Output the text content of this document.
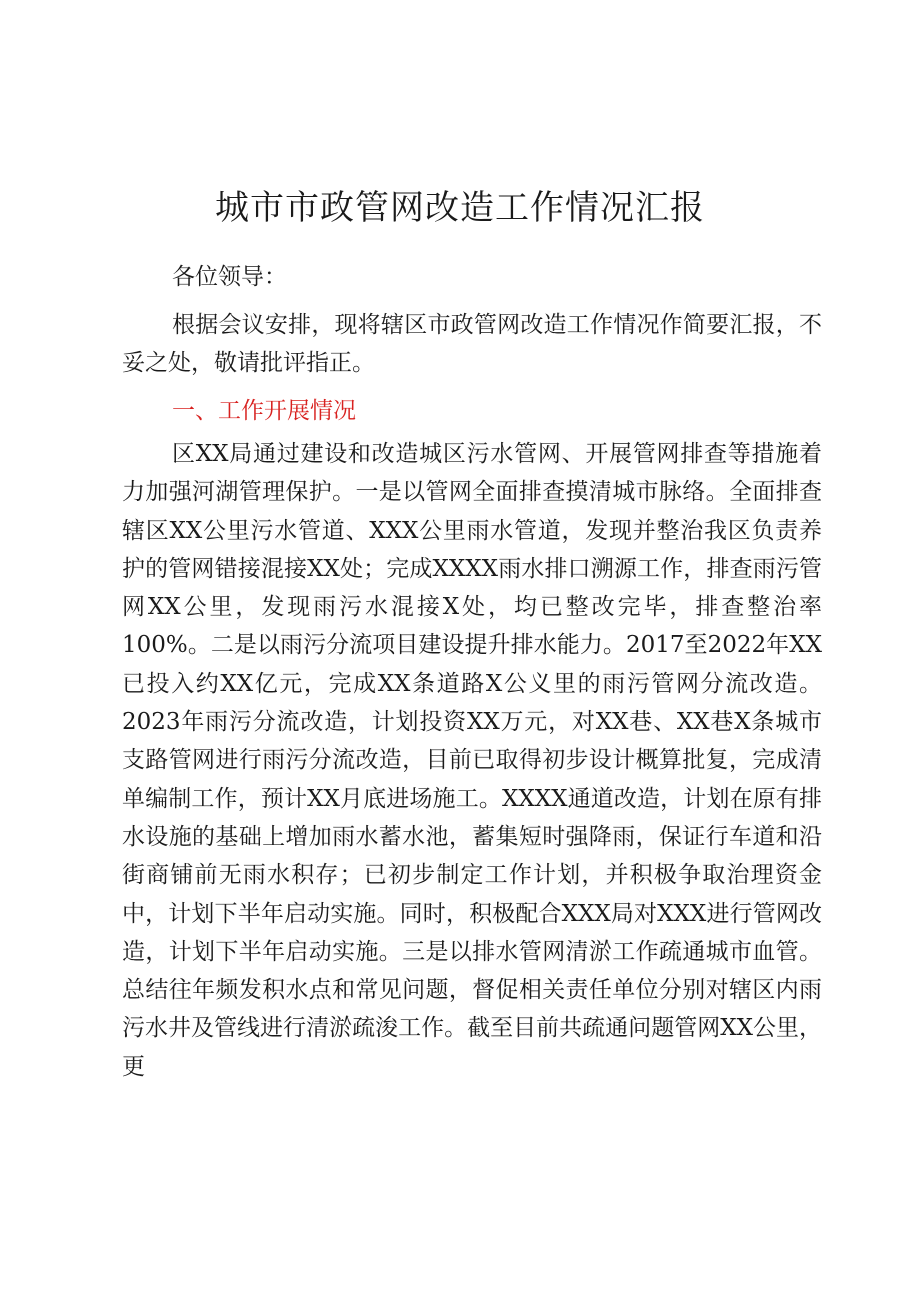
城市市政管网改造工作情况汇报

各位领导：

根据会议安排，现将辖区市政管网改造工作情况作简要汇报，不妥之处，敬请批评指正。

一、工作开展情况

区XX局通过建设和改造城区污水管网、开展管网排查等措施着力加强河湖管理保护。一是以管网全面排查摸清城市脉络。全面排查辖区XX公里污水管道、XXX公里雨水管道，发现并整治我区负责养护的管网错接混接XX处；完成XXXX雨水排口溯源工作，排查雨污管网XX公里，发现雨污水混接X处，均已整改完毕，排查整治率100%。二是以雨污分流项目建设提升排水能力。2017至2022年XX已投入约XX亿元，完成XX条道路X公义里的雨污管网分流改造。2023年雨污分流改造，计划投资XX万元，对XX巷、XX巷X条城市支路管网进行雨污分流改造，目前已取得初步设计概算批复，完成清单编制工作，预计XX月底进场施工。XXXX通道改造，计划在原有排水设施的基础上增加雨水蓄水池，蓄集短时强降雨，保证行车道和沿街商铺前无雨水积存；已初步制定工作计划，并积极争取治理资金中，计划下半年启动实施。同时，积极配合XXX局对XXX进行管网改造，计划下半年启动实施。三是以排水管网清淤工作疏通城市血管。总结往年频发积水点和常见问题，督促相关责任单位分别对辖区内雨污水井及管线进行清淤疏浚工作。截至目前共疏通问题管网XX公里，更
